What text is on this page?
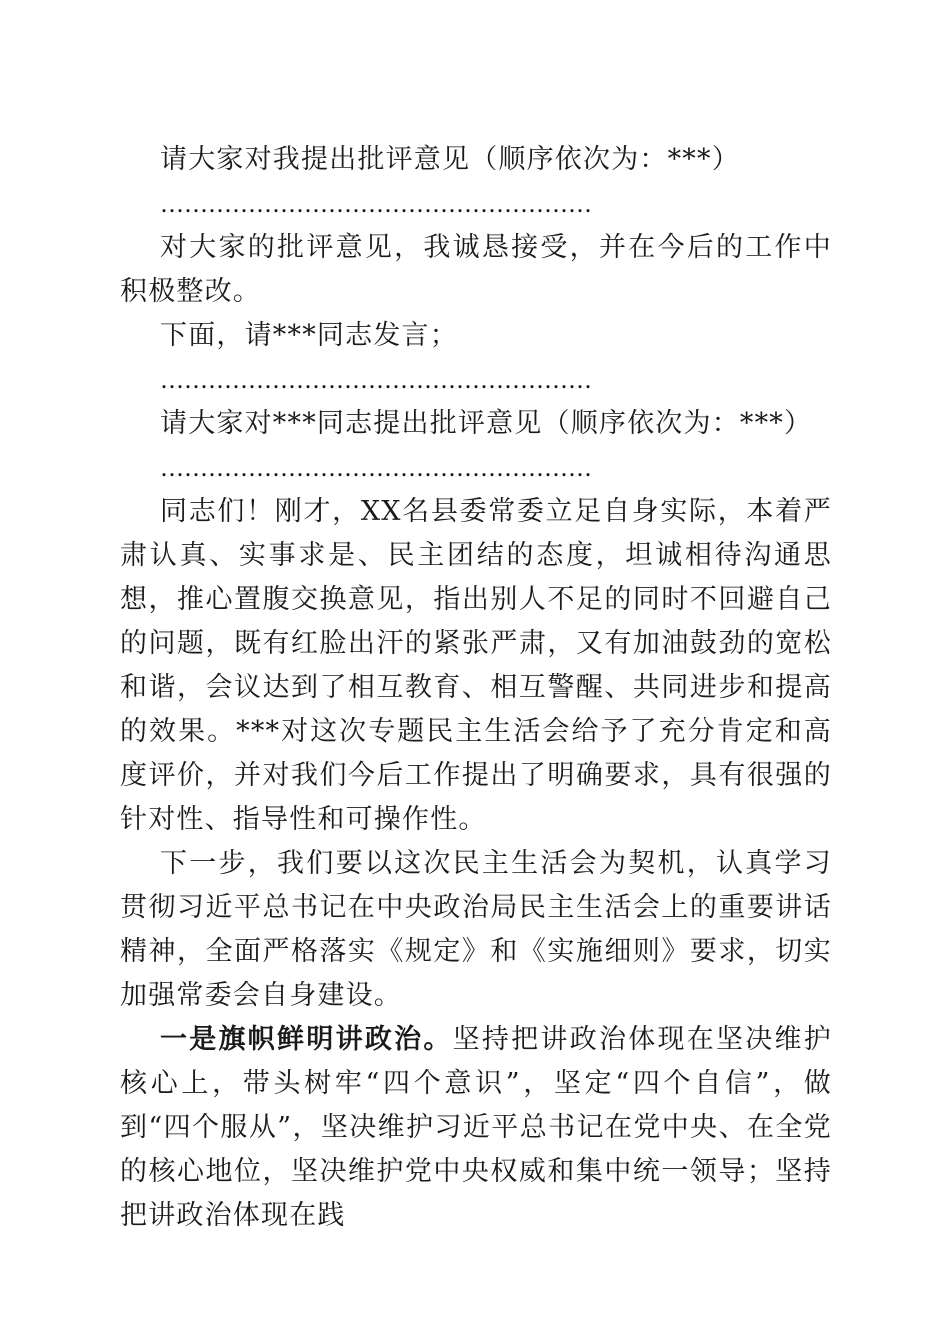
请大家对我提出批评意见（顺序依次为：***）

………………………………………………

对大家的批评意见，我诚恳接受，并在今后的工作中积极整改。

下面，请***同志发言；

………………………………………………

请大家对***同志提出批评意见（顺序依次为：***）

………………………………………………

同志们！刚才，XX名县委常委立足自身实际，本着严肃认真、实事求是、民主团结的态度，坦诚相待沟通思想，推心置腹交换意见，指出别人不足的同时不回避自己的问题，既有红脸出汗的紧张严肃，又有加油鼓劲的宽松和谐，会议达到了相互教育、相互警醒、共同进步和提高的效果。***对这次专题民主生活会给予了充分肯定和高度评价，并对我们今后工作提出了明确要求，具有很强的针对性、指导性和可操作性。

下一步，我们要以这次民主生活会为契机，认真学习贯彻习近平总书记在中央政治局民主生活会上的重要讲话精神，全面严格落实《规定》和《实施细则》要求，切实加强常委会自身建设。

一是旗帜鲜明讲政治。坚持把讲政治体现在坚决维护核心上，带头树牢“四个意识”，坚定“四个自信”，做到“四个服从”，坚决维护习近平总书记在党中央、在全党的核心地位，坚决维护党中央权威和集中统一领导；坚持把讲政治体现在践
